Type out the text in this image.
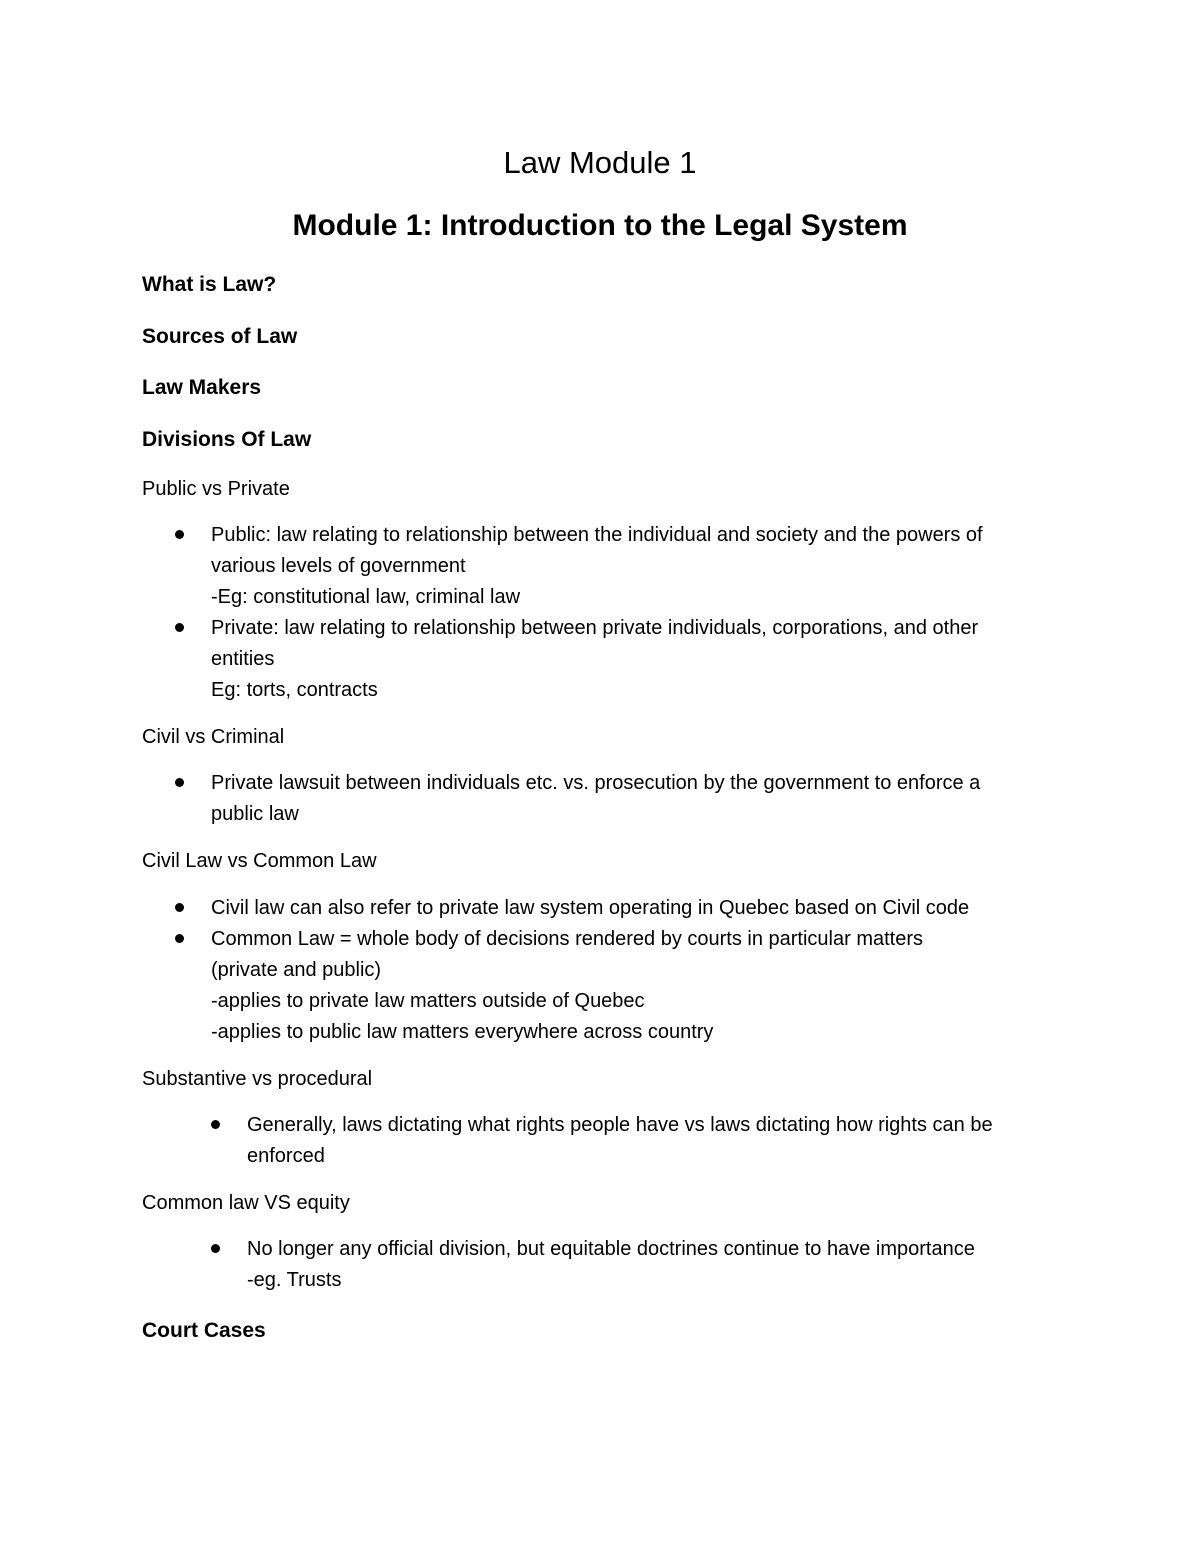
Law Module 1
Module 1: Introduction to the Legal System
What is Law?
Sources of Law
Law Makers
Divisions Of Law

Public vs Private

Public: law relating to relationship between the individual and society and the powers of
various levels of government
-Eg: constitutional law, criminal law
Private: law relating to relationship between private individuals, corporations, and other
entities
Eg: torts, contracts

Civil vs Criminal

Private lawsuit between individuals etc. vs. prosecution by the government to enforce a
public law

Civil Law vs Common Law

Civil law can also refer to private law system operating in Quebec based on Civil code
Common Law = whole body of decisions rendered by courts in particular matters
(private and public)
-applies to private law matters outside of Quebec
-applies to public law matters everywhere across country

Substantive vs procedural

Generally, laws dictating what rights people have vs laws dictating how rights can be
enforced

Common law VS equity

No longer any official division, but equitable doctrines continue to have importance
-eg. Trusts
Court Cases
